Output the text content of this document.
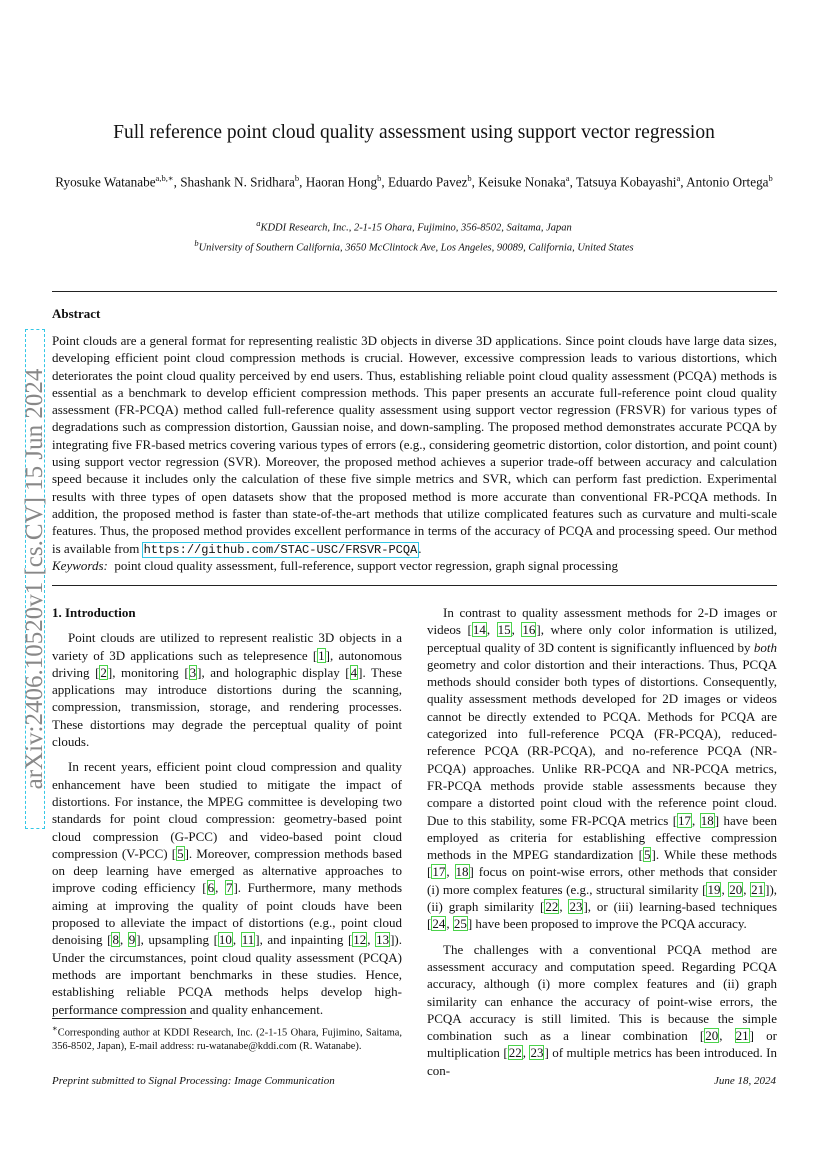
arXiv:2406.10520v1 [cs.CV] 15 Jun 2024
Full reference point cloud quality assessment using support vector regression
Ryosuke Watanabe$^{a,b,∗}$, Shashank N. Sridhara$^b$, Haoran Hong$^b$, Eduardo Pavez$^b$, Keisuke Nonaka$^a$, Tatsuya Kobayashi$^a$, Antonio Ortega$^b$
$^a$KDDI Research, Inc., 2-1-15 Ohara, Fujimino, 356-8502, Saitama, Japan
$^b$University of Southern California, 3650 McClintock Ave, Los Angeles, 90089, California, United States
Abstract
Point clouds are a general format for representing realistic 3D objects in diverse 3D applications. Since point clouds have large data sizes, developing efficient point cloud compression methods is crucial. However, excessive compression leads to various distortions, which deteriorates the point cloud quality perceived by end users. Thus, establishing reliable point cloud quality assessment (PCQA) methods is essential as a benchmark to develop efficient compression methods. This paper presents an accurate full-reference point cloud quality assessment (FR-PCQA) method called full-reference quality assessment using support vector regression (FRSVR) for various types of degradations such as compression distortion, Gaussian noise, and down-sampling. The proposed method demonstrates accurate PCQA by integrating five FR-based metrics covering various types of errors (e.g., considering geometric distortion, color distortion, and point count) using support vector regression (SVR). Moreover, the proposed method achieves a superior trade-off between accuracy and calculation speed because it includes only the calculation of these five simple metrics and SVR, which can perform fast prediction. Experimental results with three types of open datasets show that the proposed method is more accurate than conventional FR-PCQA methods. In addition, the proposed method is faster than state-of-the-art methods that utilize complicated features such as curvature and multi-scale features. Thus, the proposed method provides excellent performance in terms of the accuracy of PCQA and processing speed. Our method is available from https://github.com/STAC-USC/FRSVR-PCQA.
Keywords: point cloud quality assessment, full-reference, support vector regression, graph signal processing
1. Introduction

Point clouds are utilized to represent realistic 3D objects in a variety of 3D applications such as telepresence [1], autonomous driving [2], monitoring [3], and holographic display [4]. These applications may introduce distortions during the scanning, compression, transmission, storage, and rendering processes. These distortions may degrade the perceptual quality of point clouds.

In recent years, efficient point cloud compression and quality enhancement have been studied to mitigate the impact of distortions. For instance, the MPEG committee is developing two standards for point cloud compression: geometry-based point cloud compression (G-PCC) and video-based point cloud compression (V-PCC) [5]. Moreover, compression methods based on deep learning have emerged as alternative approaches to improve coding efficiency [6, 7]. Furthermore, many methods aiming at improving the quality of point clouds have been proposed to alleviate the impact of distortions (e.g., point cloud denoising [8, 9], upsampling [10, 11], and inpainting [12, 13]). Under the circumstances, point cloud quality assessment (PCQA) methods are important benchmarks in these studies. Hence, establishing reliable PCQA methods helps develop high-performance compression and quality enhancement.

In contrast to quality assessment methods for 2-D images or videos [14, 15, 16], where only color information is utilized, perceptual quality of 3D content is significantly influenced by both geometry and color distortion and their interactions. Thus, PCQA methods should consider both types of distortions. Consequently, quality assessment methods developed for 2D images or videos cannot be directly extended to PCQA. Methods for PCQA are categorized into full-reference PCQA (FR-PCQA), reduced-reference PCQA (RR-PCQA), and no-reference PCQA (NR-PCQA) approaches. Unlike RR-PCQA and NR-PCQA metrics, FR-PCQA methods provide stable assessments because they compare a distorted point cloud with the reference point cloud. Due to this stability, some FR-PCQA metrics [17, 18] have been employed as criteria for establishing effective compression methods in the MPEG standardization [5]. While these methods [17, 18] focus on point-wise errors, other methods that consider (i) more complex features (e.g., structural similarity [19, 20, 21]), (ii) graph similarity [22, 23], or (iii) learning-based techniques [24, 25] have been proposed to improve the PCQA accuracy.

The challenges with a conventional PCQA method are assessment accuracy and computation speed. Regarding PCQA accuracy, although (i) more complex features and (ii) graph similarity can enhance the accuracy of point-wise errors, the PCQA accuracy is still limited. This is because the simple combination such as a linear combination [20, 21] or multiplication [22, 23] of multiple metrics has been introduced. In con-

∗Corresponding author at KDDI Research, Inc. (2-1-15 Ohara, Fujimino, Saitama, 356-8502, Japan), E-mail address: ru-watanabe@kddi.com (R. Watanabe).
Preprint submitted to Signal Processing: Image Communication	June 18, 2024
